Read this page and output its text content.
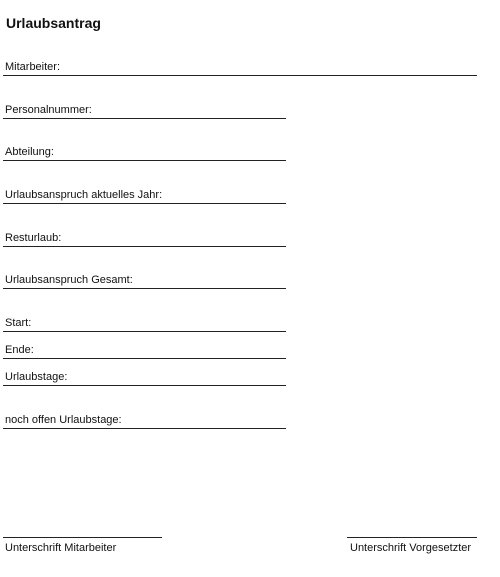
Urlaubsantrag
Mitarbeiter:
Personalnummer:
Abteilung:
Urlaubsanspruch aktuelles Jahr:
Resturlaub:
Urlaubsanspruch Gesamt:
Start:
Ende:
Urlaubstage:
noch offen Urlaubstage:
Unterschrift Mitarbeiter	Unterschrift Vorgesetzter
